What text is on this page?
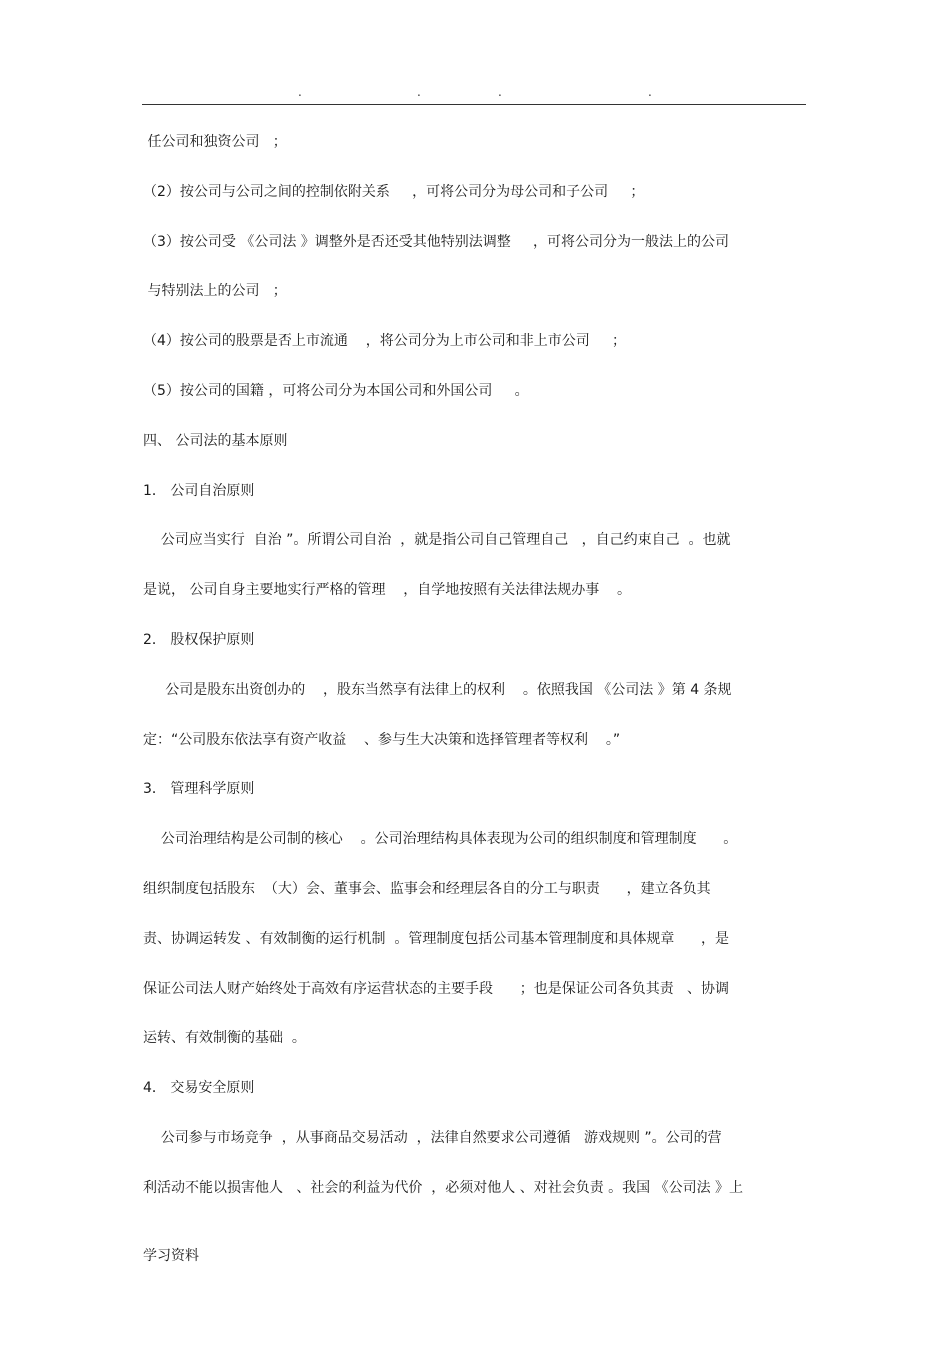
.	.	.	.
任公司和独资公司   ；
（2）按公司与公司之间的控制依附关系     ，可将公司分为母公司和子公司     ；
（3）按公司受 《公司法 》调整外是否还受其他特别法调整     ，可将公司分为一般法上的公司
与特别法上的公司   ；
（4）按公司的股票是否上市流通    ，将公司分为上市公司和非上市公司     ；
（5）按公司的国籍 ，可将公司分为本国公司和外国公司     。
四、 公司法的基本原则
1． 公司自治原则
公司应当实行  自治 ”。所谓公司自治  ，就是指公司自己管理自己   ，自己约束自己  。也就
是说， 公司自身主要地实行严格的管理    ，自学地按照有关法律法规办事    。
2． 股权保护原则
公司是股东出资创办的    ，股东当然享有法律上的权利    。依照我国 《公司法 》第 4 条规
定：“公司股东依法享有资产收益    、参与生大决策和选择管理者等权利    。”
3． 管理科学原则
公司治理结构是公司制的核心    。公司治理结构具体表现为公司的组织制度和管理制度      。
组织制度包括股东  （大）会、董事会、监事会和经理层各自的分工与职责      ，建立各负其
责、协调运转发 、有效制衡的运行机制  。管理制度包括公司基本管理制度和具体规章      ，是
保证公司法人财产始终处于高效有序运营状态的主要手段      ；也是保证公司各负其责   、协调
运转、有效制衡的基础  。
4． 交易安全原则
公司参与市场竞争  ，从事商品交易活动  ，法律自然要求公司遵循   游戏规则 ”。公司的营
利活动不能以损害他人   、社会的利益为代价  ，必须对他人 、对社会负责 。我国 《公司法 》上
学习资料
